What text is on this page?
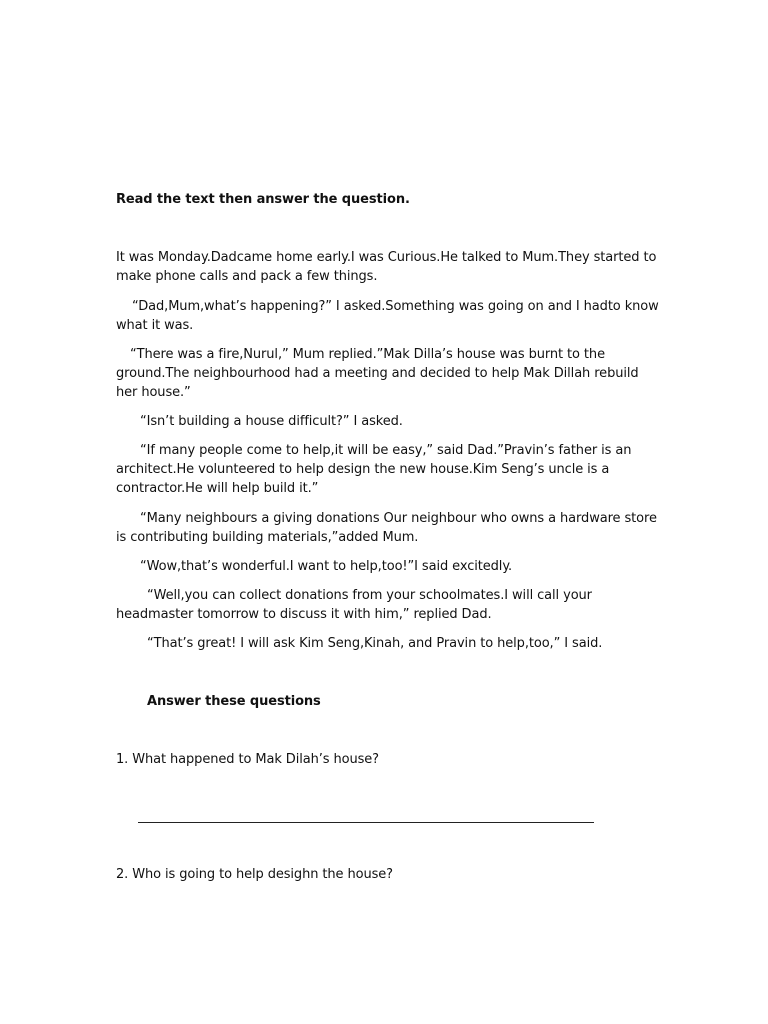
Read the text then answer the question.
It was Monday.Dadcame home early.I was Curious.He talked to Mum.They started to
make phone calls and pack a few things.
“Dad,Mum,what’s happening?” I asked.Something was going on and I hadto know
what it was.
“There was a fire,Nurul,” Mum replied.”Mak Dilla’s house was burnt to the
ground.The neighbourhood had a meeting and decided to help Mak Dillah rebuild
her house.”
“Isn’t building a house difficult?” I asked.
“If many people come to help,it will be easy,” said Dad.”Pravin’s father is an
architect.He volunteered to help design the new house.Kim Seng’s uncle is a
contractor.He will help build it.”
“Many neighbours a giving donations Our neighbour who owns a hardware store
is contributing building materials,”added Mum.
“Wow,that’s wonderful.I want to help,too!”I said excitedly.
“Well,you can collect donations from your schoolmates.I will call your
headmaster tomorrow to discuss it with him,” replied Dad.
“That’s great! I will ask Kim Seng,Kinah, and Pravin to help,too,” I said.
Answer these questions
1. What happened to Mak Dilah’s house?
2. Who is going to help desighn the house?
